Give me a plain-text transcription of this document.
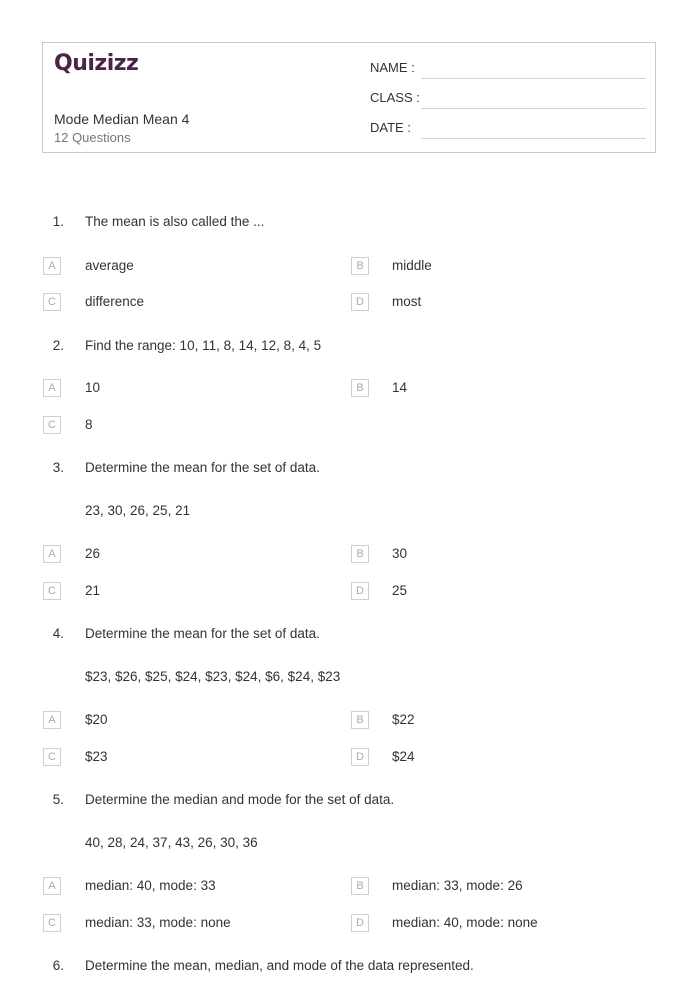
Quizizz
Mode Median Mean 4
12 Questions
NAME :
CLASS :
DATE :
1. The mean is also called the ...
A	average	B	middle
C	difference	D	most
2. Find the range: 10, 11, 8, 14, 12, 8, 4, 5
A	10	B	14
C	8
3. Determine the mean for the set of data.
23, 30, 26, 25, 21
A	26	B	30
C	21	D	25
4. Determine the mean for the set of data.
$23, $26, $25, $24, $23, $24, $6, $24, $23
A	$20	B	$22
C	$23	D	$24
5. Determine the median and mode for the set of data.
40, 28, 24, 37, 43, 26, 30, 36
A	median: 40, mode: 33	B	median: 33, mode: 26
C	median: 33, mode: none	D	median: 40, mode: none
6. Determine the mean, median, and mode of the data represented.
